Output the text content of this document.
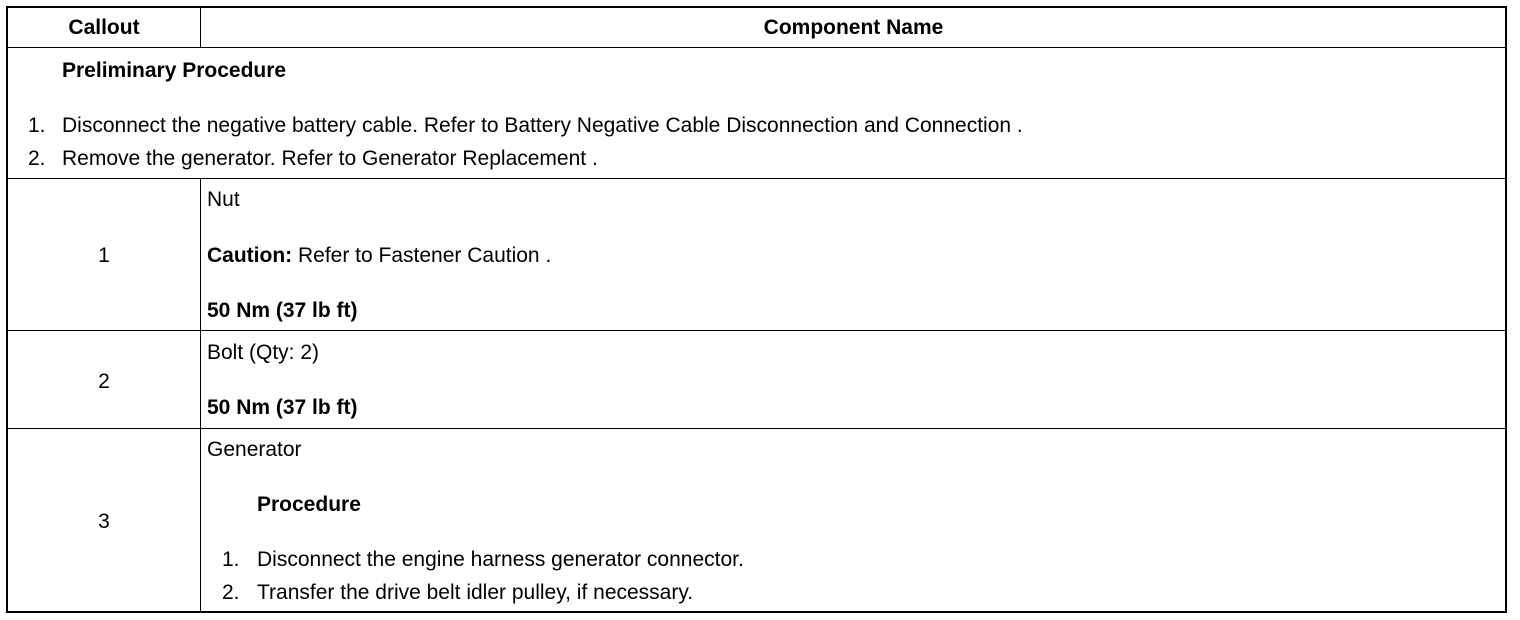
Callout	Component Name
Preliminary Procedure
1. Disconnect the negative battery cable. Refer to Battery Negative Cable Disconnection and Connection .
2. Remove the generator. Refer to Generator Replacement .
1
Nut
Caution: Refer to Fastener Caution .
50 Nm (37 lb ft)
2
Bolt (Qty: 2)
50 Nm (37 lb ft)
3
Generator
Procedure
1. Disconnect the engine harness generator connector.
2. Transfer the drive belt idler pulley, if necessary.
